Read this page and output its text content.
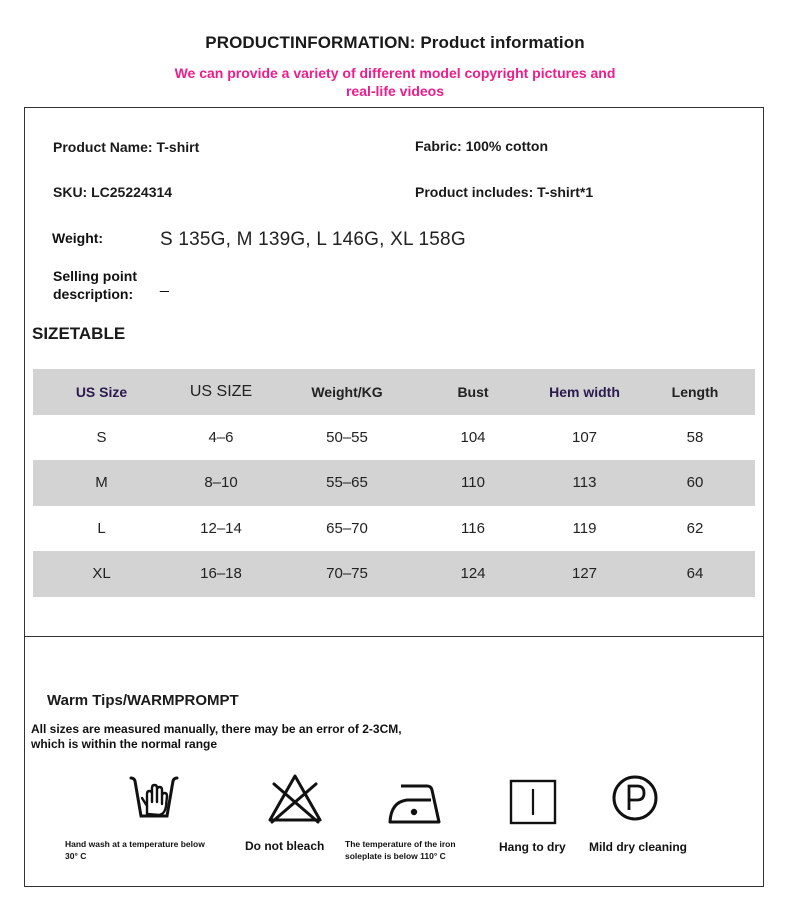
PRODUCTINFORMATION: Product information
We can provide a variety of different model copyright pictures and
real-life videos
Product Name: T-shirt	Fabric: 100% cotton
SKU: LC25224314	Product includes: T-shirt*1
Weight:	S 135G, M 139G, L 146G, XL 158G
Selling point
description:
_
SIZETABLE
US Size	US SIZE	Weight/KG	Bust	Hem width	Length
S	4–6	50–55	104	107	58
M	8–10	55–65	110	113	60
L	12–14	65–70	116	119	62
XL	16–18	70–75	124	127	64
Warm Tips/WARMPROMPT
All sizes are measured manually, there may be an error of 2-3CM,
which is within the normal range
Hand wash at a temperature below
30° C
Do not bleach The temperature of the iron
soleplate is below 110° C
Hang to dry Mild dry cleaning
